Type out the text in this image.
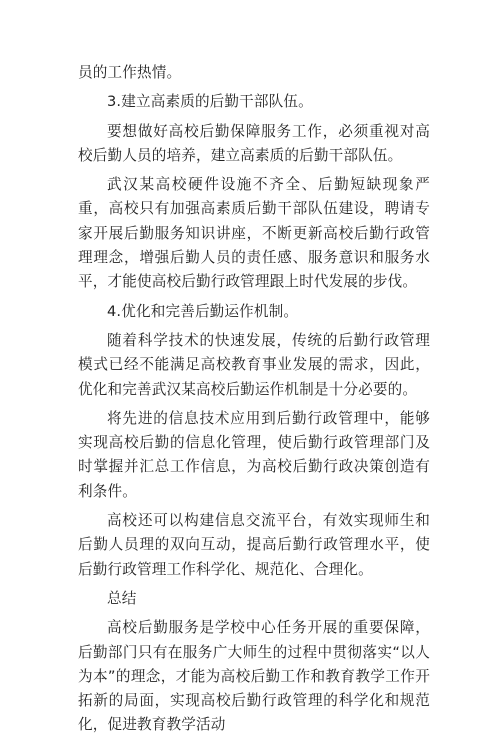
员的工作热情。

3.建立高素质的后勤干部队伍。

要想做好高校后勤保障服务工作，必须重视对高校后勤人员的培养，建立高素质的后勤干部队伍。

武汉某高校硬件设施不齐全、后勤短缺现象严重，高校只有加强高素质后勤干部队伍建设，聘请专家开展后勤服务知识讲座，不断更新高校后勤行政管理理念，增强后勤人员的责任感、服务意识和服务水平，才能使高校后勤行政管理跟上时代发展的步伐。

4.优化和完善后勤运作机制。

随着科学技术的快速发展，传统的后勤行政管理模式已经不能满足高校教育事业发展的需求，因此，优化和完善武汉某高校后勤运作机制是十分必要的。

将先进的信息技术应用到后勤行政管理中，能够实现高校后勤的信息化管理，使后勤行政管理部门及时掌握并汇总工作信息，为高校后勤行政决策创造有利条件。

高校还可以构建信息交流平台，有效实现师生和后勤人员理的双向互动，提高后勤行政管理水平，使后勤行政管理工作科学化、规范化、合理化。

总结

高校后勤服务是学校中心任务开展的重要保障，后勤部门只有在服务广大师生的过程中贯彻落实“以人为本”的理念，才能为高校后勤工作和教育教学工作开拓新的局面，实现高校后勤行政管理的科学化和规范化，促进教育教学活动
